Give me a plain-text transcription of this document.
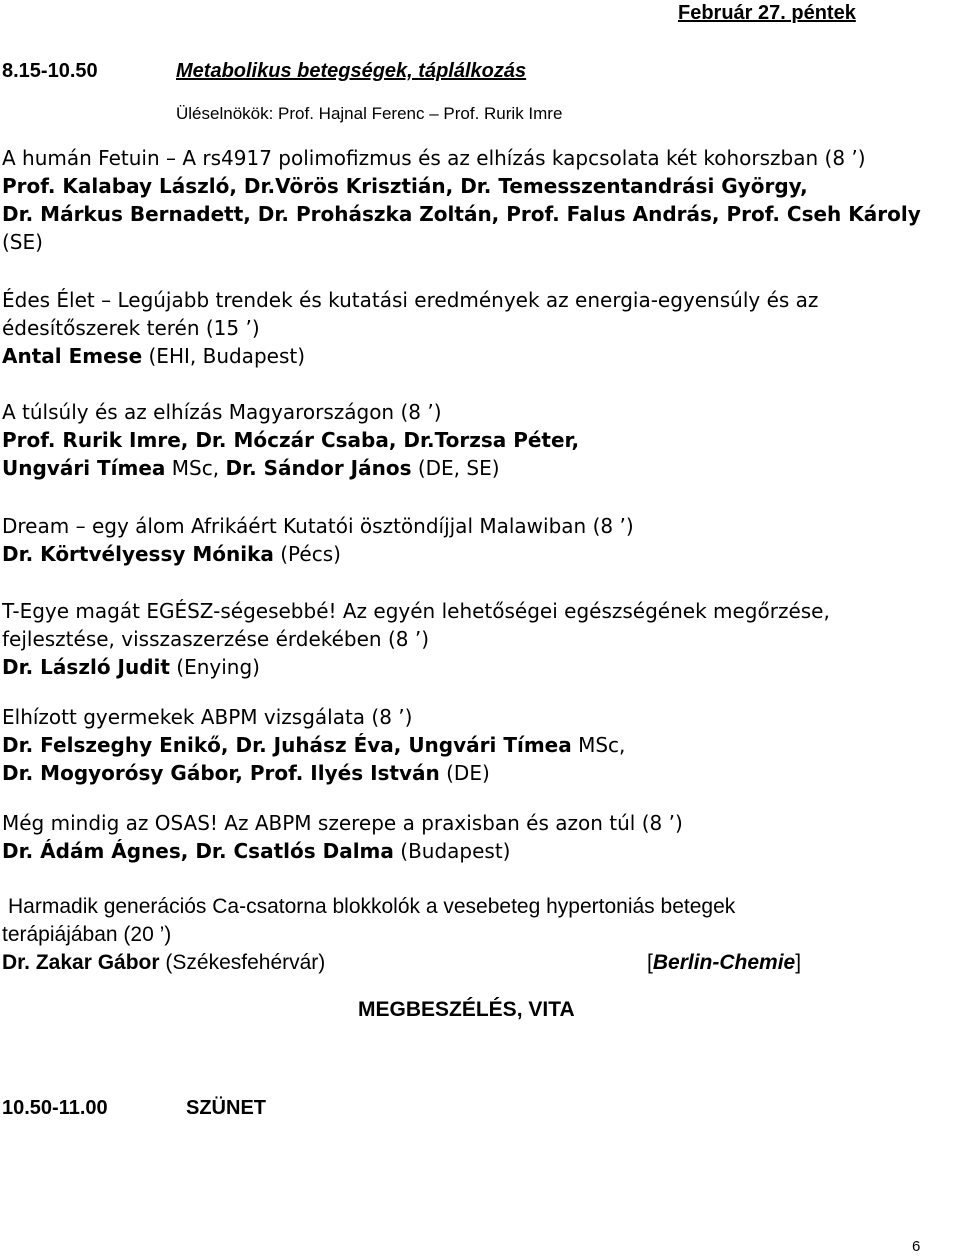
Február 27. péntek
8.15-10.50	Metabolikus betegségek, táplálkozás
Üléselnökök: Prof. Hajnal Ferenc – Prof. Rurik Imre
A humán Fetuin – A rs4917 polimofizmus és az elhízás kapcsolata két kohorszban (8 ’)
Prof. Kalabay László, Dr.Vörös Krisztián, Dr. Temesszentandrási György,
Dr. Márkus Bernadett, Dr. Prohászka Zoltán, Prof. Falus András, Prof. Cseh Károly
(SE)
Édes Élet – Legújabb trendek és kutatási eredmények az energia-egyensúly és az
édesítőszerek terén (15 ’)
Antal Emese (EHI, Budapest)
A túlsúly és az elhízás Magyarországon (8 ’)
Prof. Rurik Imre, Dr. Móczár Csaba, Dr.Torzsa Péter,
Ungvári Tímea MSc, Dr. Sándor János (DE, SE)
Dream – egy álom Afrikáért Kutatói ösztöndíjjal Malawiban (8 ’)
Dr. Körtvélyessy Mónika (Pécs)
T-Egye magát EGÉSZ-ségesebbé! Az egyén lehetőségei egészségének megőrzése,
fejlesztése, visszaszerzése érdekében (8 ’)
Dr. László Judit (Enying)
Elhízott gyermekek ABPM vizsgálata (8 ’)
Dr. Felszeghy Enikő, Dr. Juhász Éva, Ungvári Tímea MSc,
Dr. Mogyorósy Gábor, Prof. Ilyés István (DE)
Még mindig az OSAS! Az ABPM szerepe a praxisban és azon túl (8 ’)
Dr. Ádám Ágnes, Dr. Csatlós Dalma (Budapest)
Harmadik generációs Ca-csatorna blokkolók a vesebeteg hypertoniás betegek
terápiájában (20 ’)
Dr. Zakar Gábor (Székesfehérvár)	[Berlin-Chemie]
MEGBESZÉLÉS, VITA
10.50-11.00	SZÜNET
6
